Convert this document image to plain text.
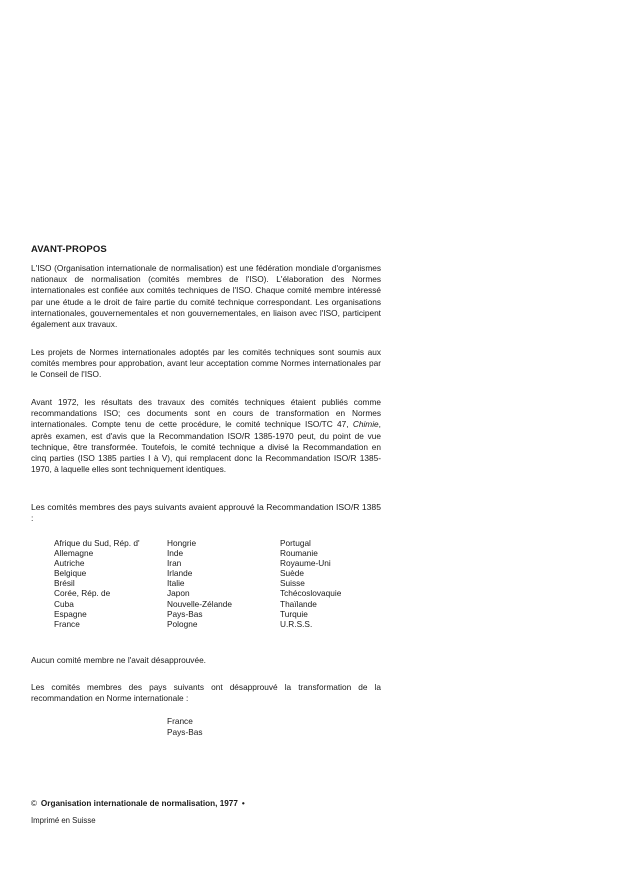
AVANT-PROPOS

L'ISO (Organisation internationale de normalisation) est une fédération mondiale d'organismes nationaux de normalisation (comités membres de l'ISO). L'élaboration des Normes internationales est confiée aux comités techniques de l'ISO. Chaque comité membre intéressé par une étude a le droit de faire partie du comité technique correspondant. Les organisations internationales, gouvernementales et non gouvernementales, en liaison avec l'ISO, participent également aux travaux.

Les projets de Normes internationales adoptés par les comités techniques sont soumis aux comités membres pour approbation, avant leur acceptation comme Normes internationales par le Conseil de l'ISO.

Avant 1972, les résultats des travaux des comités techniques étaient publiés comme recommandations ISO; ces documents sont en cours de transformation en Normes internationales. Compte tenu de cette procédure, le comité technique ISO/TC 47, Chimie, après examen, est d'avis que la Recommandation ISO/R 1385-1970 peut, du point de vue technique, être transformée. Toutefois, le comité technique a divisé la Recommandation en cinq parties (ISO 1385 parties I à V), qui remplacent donc la Recommandation ISO/R 1385-1970, à laquelle elles sont techniquement identiques.

Les comités membres des pays suivants avaient approuvé la Recommandation ISO/R 1385 :

Afrique du Sud, Rép. d'
Allemagne
Autriche
Belgique
Brésil
Corée, Rép. de
Cuba
Espagne
France
Hongrie
Inde
Iran
Irlande
Italie
Japon
Nouvelle-Zélande
Pays-Bas
Pologne
Portugal
Roumanie
Royaume-Uni
Suède
Suisse
Tchécoslovaquie
Thaïlande
Turquie
U.R.S.S.

Aucun comité membre ne l'avait désapprouvée.

Les comités membres des pays suivants ont désapprouvé la transformation de la recommandation en Norme internationale :

France
Pays-Bas
© Organisation internationale de normalisation, 1977 •
Imprimé en Suisse
